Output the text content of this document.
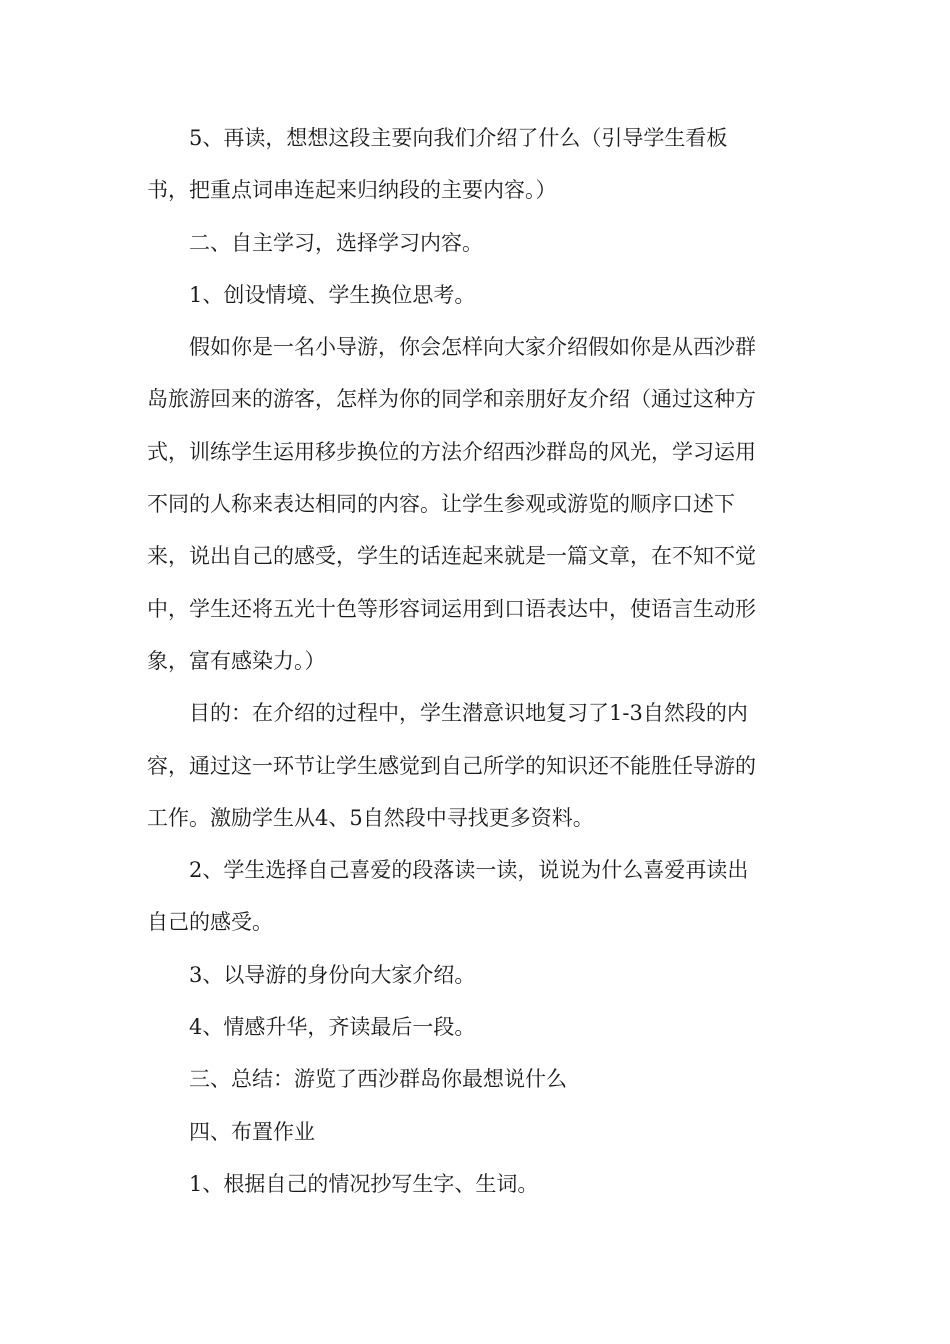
5、再读，想想这段主要向我们介绍了什么（引导学生看板
书，把重点词串连起来归纳段的主要内容。）

二、自主学习，选择学习内容。

1、创设情境、学生换位思考。

假如你是一名小导游，你会怎样向大家介绍假如你是从西沙群
岛旅游回来的游客，怎样为你的同学和亲朋好友介绍（通过这种方
式，训练学生运用移步换位的方法介绍西沙群岛的风光，学习运用
不同的人称来表达相同的内容。让学生参观或游览的顺序口述下
来，说出自己的感受，学生的话连起来就是一篇文章，在不知不觉
中，学生还将五光十色等形容词运用到口语表达中，使语言生动形
象，富有感染力。）

目的：在介绍的过程中，学生潜意识地复习了1-3自然段的内
容，通过这一环节让学生感觉到自己所学的知识还不能胜任导游的
工作。激励学生从4、5自然段中寻找更多资料。

2、学生选择自己喜爱的段落读一读，说说为什么喜爱再读出
自己的感受。

3、以导游的身份向大家介绍。

4、情感升华，齐读最后一段。

三、总结：游览了西沙群岛你最想说什么

四、布置作业

1、根据自己的情况抄写生字、生词。
